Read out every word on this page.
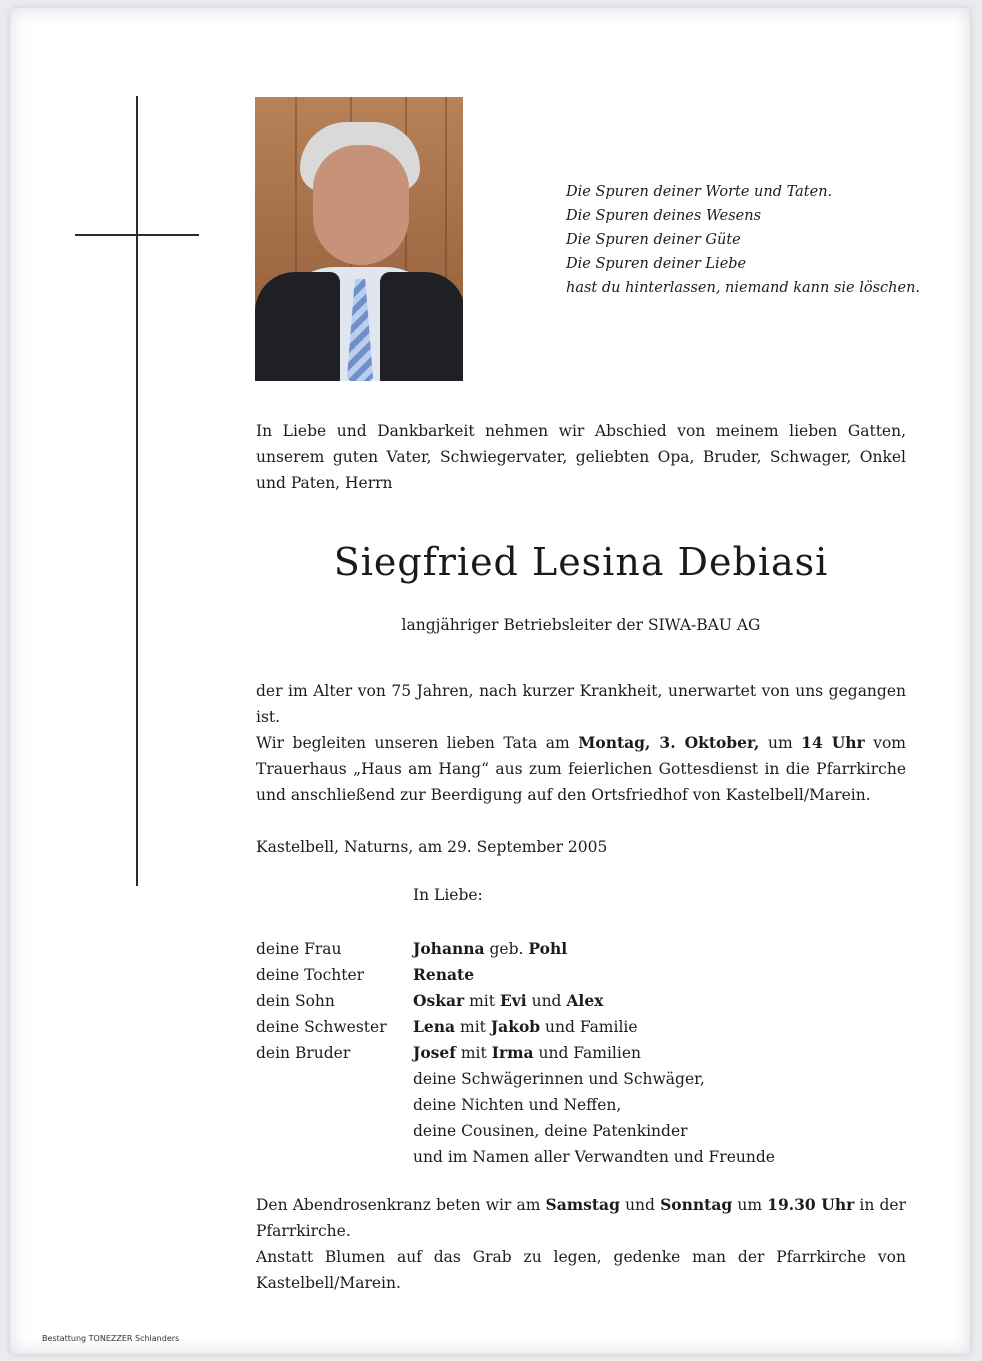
Die Spuren deiner Worte und Taten.
Die Spuren deines Wesens
Die Spuren deiner Güte
Die Spuren deiner Liebe
hast du hinterlassen, niemand kann sie löschen.
In Liebe und Dankbarkeit nehmen wir Abschied von meinem lieben Gatten, unserem guten Vater, Schwiegervater, geliebten Opa, Bruder, Schwager, Onkel und Paten, Herrn
Siegfried Lesina Debiasi
langjähriger Betriebsleiter der SIWA-BAU AG

der im Alter von 75 Jahren, nach kurzer Krankheit, unerwartet von uns gegangen ist.

Wir begleiten unseren lieben Tata am Montag, 3. Oktober, um 14 Uhr vom Trauerhaus „Haus am Hang“ aus zum feierlichen Gottesdienst in die Pfarrkirche und anschließend zur Beerdigung auf den Ortsfriedhof von Kastelbell/Marein.

Kastelbell, Naturns, am 29. September 2005
In Liebe:
deine Frau	Johanna geb. Pohl
deine Tochter	Renate
dein Sohn	Oskar mit Evi und Alex
deine Schwester	Lena mit Jakob und Familie
dein Bruder	Josef mit Irma und Familien
deine Schwägerinnen und Schwäger,
deine Nichten und Neffen,
deine Cousinen, deine Patenkinder
und im Namen aller Verwandten und Freunde

Den Abendrosenkranz beten wir am Samstag und Sonntag um 19.30 Uhr in der Pfarrkirche.

Anstatt Blumen auf das Grab zu legen, gedenke man der Pfarrkirche von Kastelbell/Marein.

Bestattung TONEZZER Schlanders
